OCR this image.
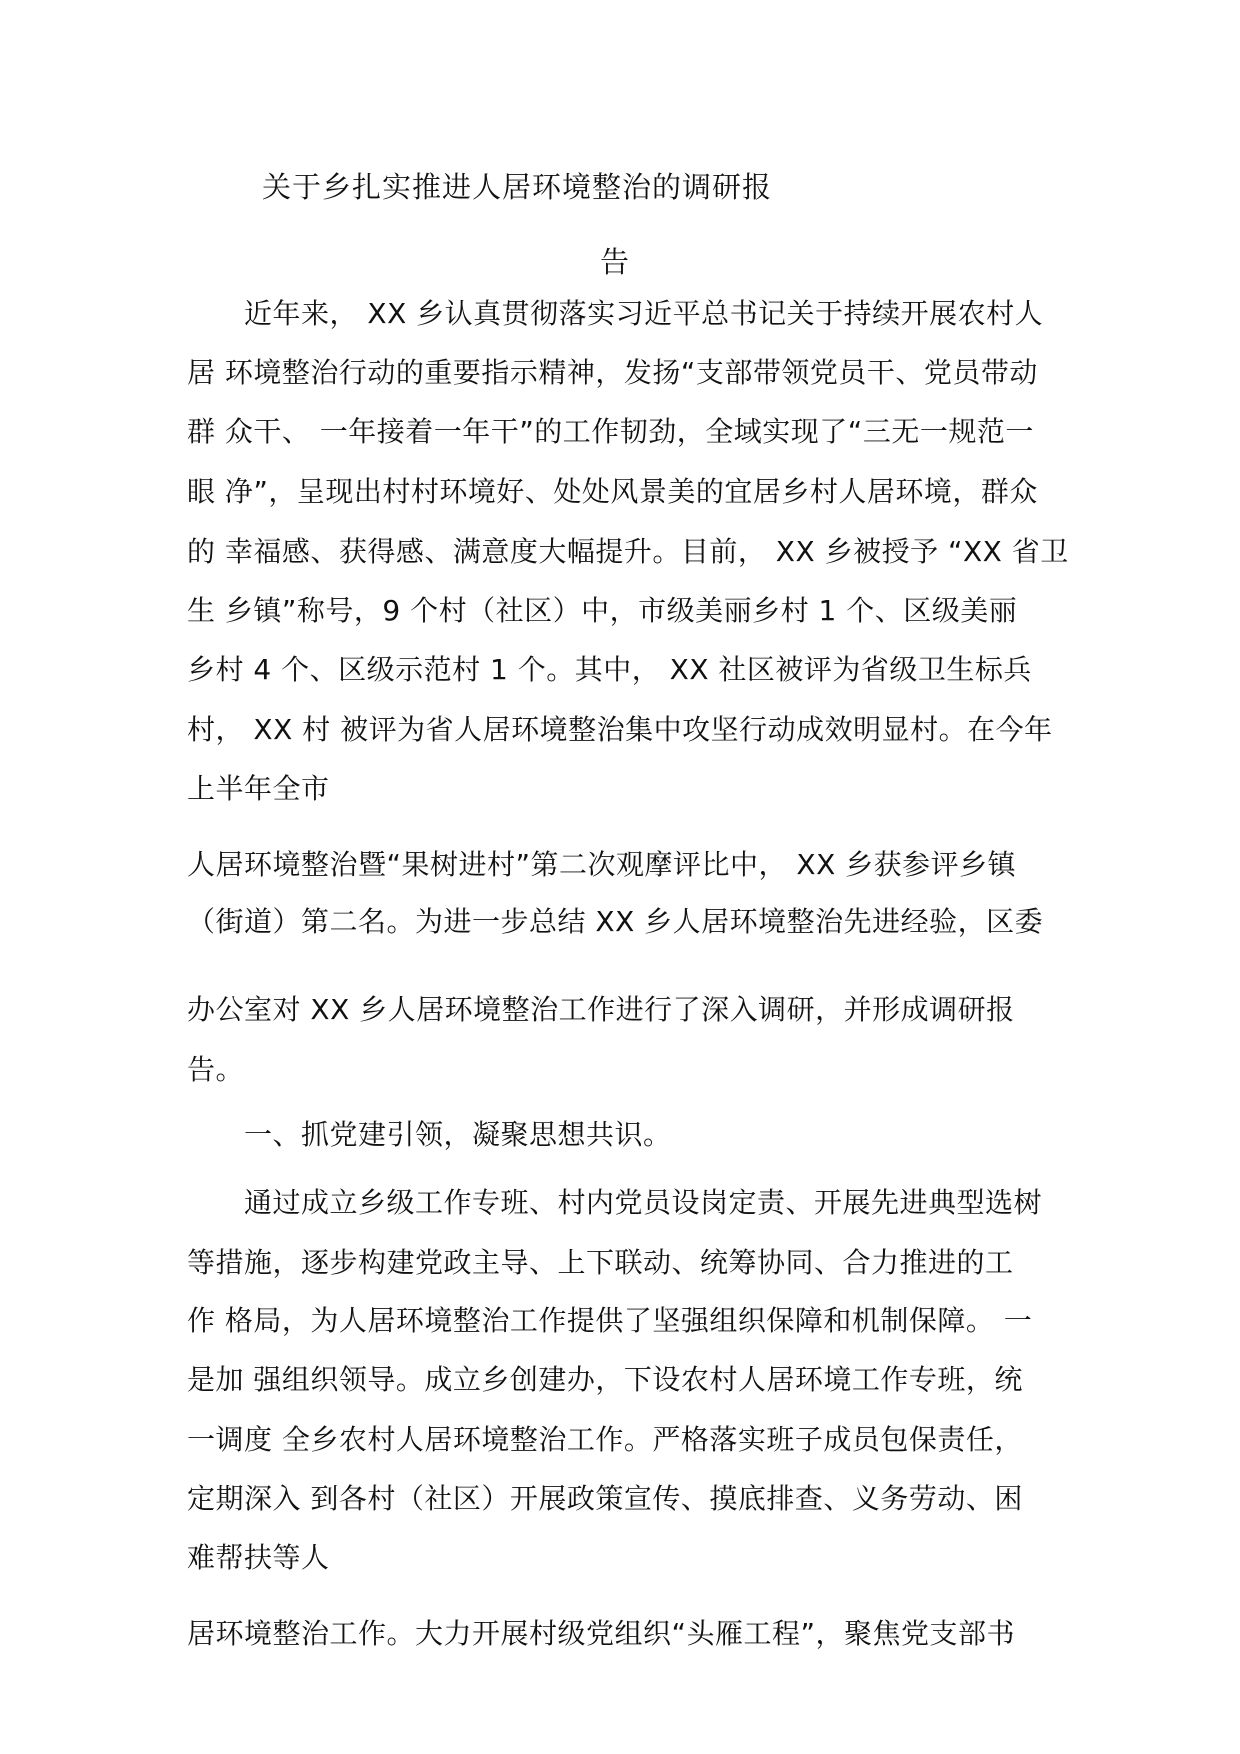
关于乡扎实推进人居环境整治的调研报
告
近年来， XX 乡认真贯彻落实习近平总书记关于持续开展农村人
居 环境整治行动的重要指示精神，发扬“支部带领党员干、党员带动
群 众干、 一年接着一年干”的工作韧劲，全域实现了“三无一规范一
眼 净”，呈现出村村环境好、处处风景美的宜居乡村人居环境，群众
的 幸福感、获得感、满意度大幅提升。目前， XX 乡被授予 “XX 省卫
生 乡镇”称号，9 个村（社区）中，市级美丽乡村 1 个、区级美丽
乡村 4 个、区级示范村 1 个。其中， XX 社区被评为省级卫生标兵
村， XX 村 被评为省人居环境整治集中攻坚行动成效明显村。在今年
上半年全市
人居环境整治暨“果树进村”第二次观摩评比中， XX 乡获参评乡镇
（街道）第二名。为进一步总结 XX 乡人居环境整治先进经验，区委
办公室对 XX 乡人居环境整治工作进行了深入调研，并形成调研报
告。
一、抓党建引领，凝聚思想共识。
通过成立乡级工作专班、村内党员设岗定责、开展先进典型选树
等措施，逐步构建党政主导、上下联动、统筹协同、合力推进的工
作 格局，为人居环境整治工作提供了坚强组织保障和机制保障。 一
是加 强组织领导。成立乡创建办，下设农村人居环境工作专班，统
一调度 全乡农村人居环境整治工作。严格落实班子成员包保责任，
定期深入 到各村（社区）开展政策宣传、摸底排查、义务劳动、困
难帮扶等人
居环境整治工作。大力开展村级党组织“头雁工程”，聚焦党支部书
